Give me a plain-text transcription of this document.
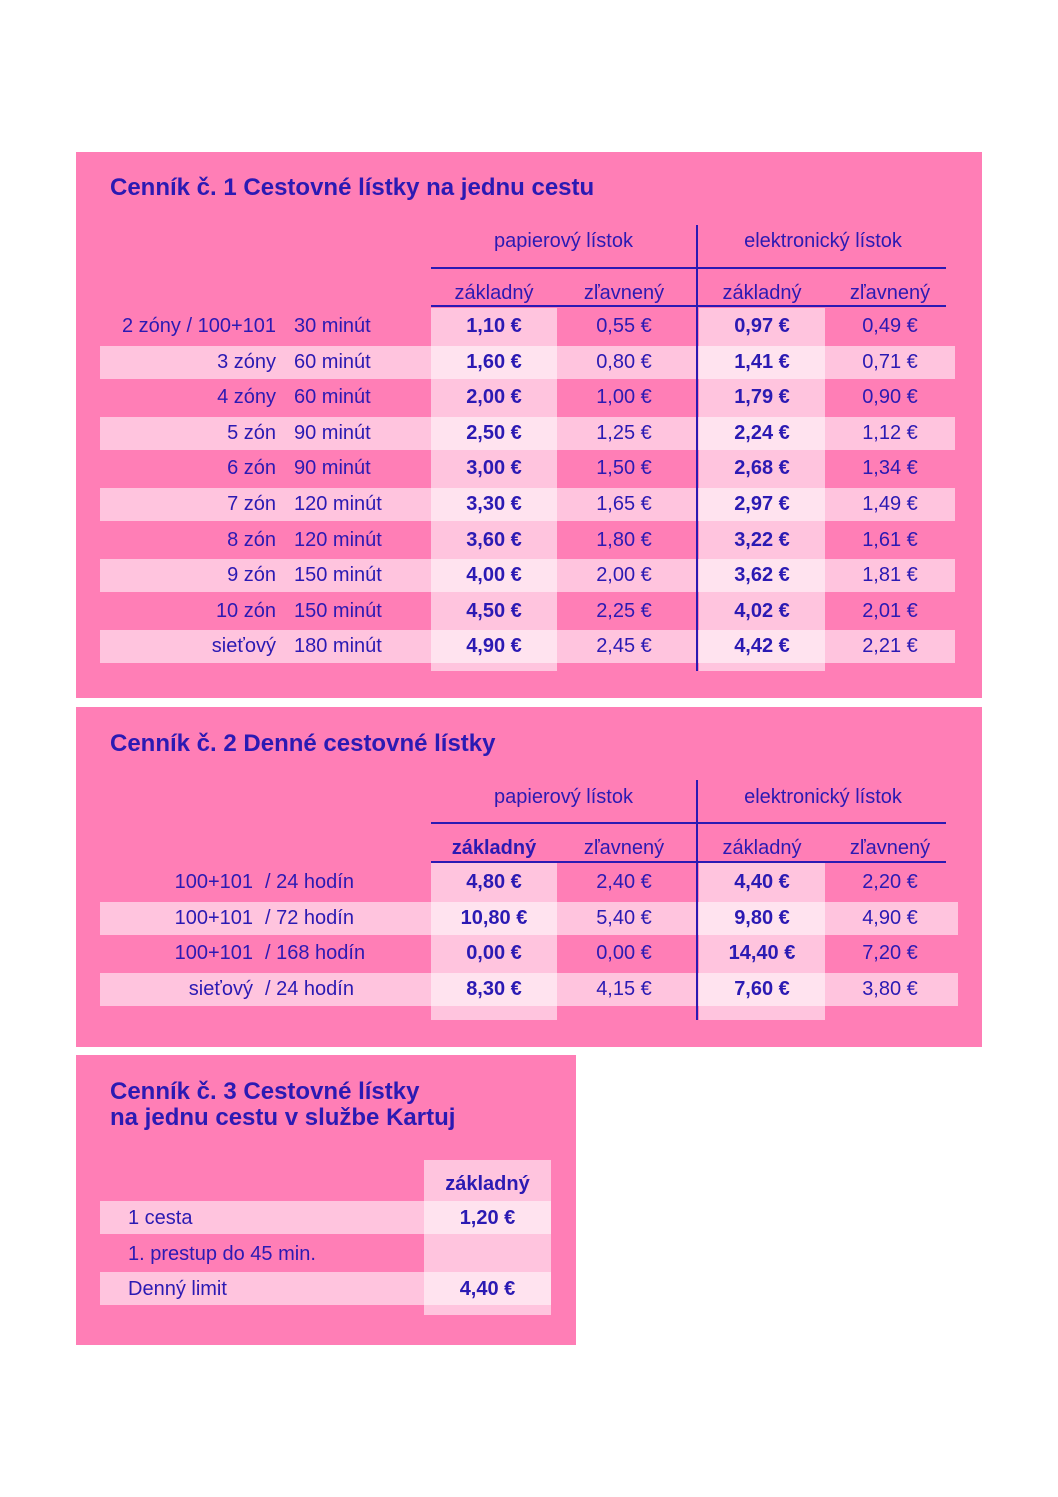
Cenník č. 1 Cestovné lístky na jednu cestu
papierový lístok	elektronický lístok
základný	zľavnený	základný	zľavnený
2 zóny / 100+101 30 minút	1,10 €	0,55 €	0,97 €	0,49 €
3 zóny 60 minút	1,60 €	0,80 €	1,41 €	0,71 €
4 zóny 60 minút	2,00 €	1,00 €	1,79 €	0,90 €
5 zón 90 minút	2,50 €	1,25 €	2,24 €	1,12 €
6 zón 90 minút	3,00 €	1,50 €	2,68 €	1,34 €
7 zón 120 minút	3,30 €	1,65 €	2,97 €	1,49 €
8 zón 120 minút	3,60 €	1,80 €	3,22 €	1,61 €
9 zón 150 minút	4,00 €	2,00 €	3,62 €	1,81 €
10 zón 150 minút	4,50 €	2,25 €	4,02 €	2,01 €
sieťový 180 minút	4,90 €	2,45 €	4,42 €	2,21 €
Cenník č. 2 Denné cestovné lístky
papierový lístok	elektronický lístok
základný	zľavnený	základný	zľavnený
100+101 / 24 hodín	4,80 €	2,40 €	4,40 €	2,20 €
100+101 / 72 hodín	10,80 €	5,40 €	9,80 €	4,90 €
100+101 / 168 hodín	0,00 €	0,00 €	14,40 €	7,20 €
sieťový / 24 hodín	8,30 €	4,15 €	7,60 €	3,80 €
Cenník č. 3 Cestovné lístky
na jednu cestu v službe Kartuj
základný
1 cesta	1,20 €
1. prestup do 45 min.
Denný limit	4,40 €
